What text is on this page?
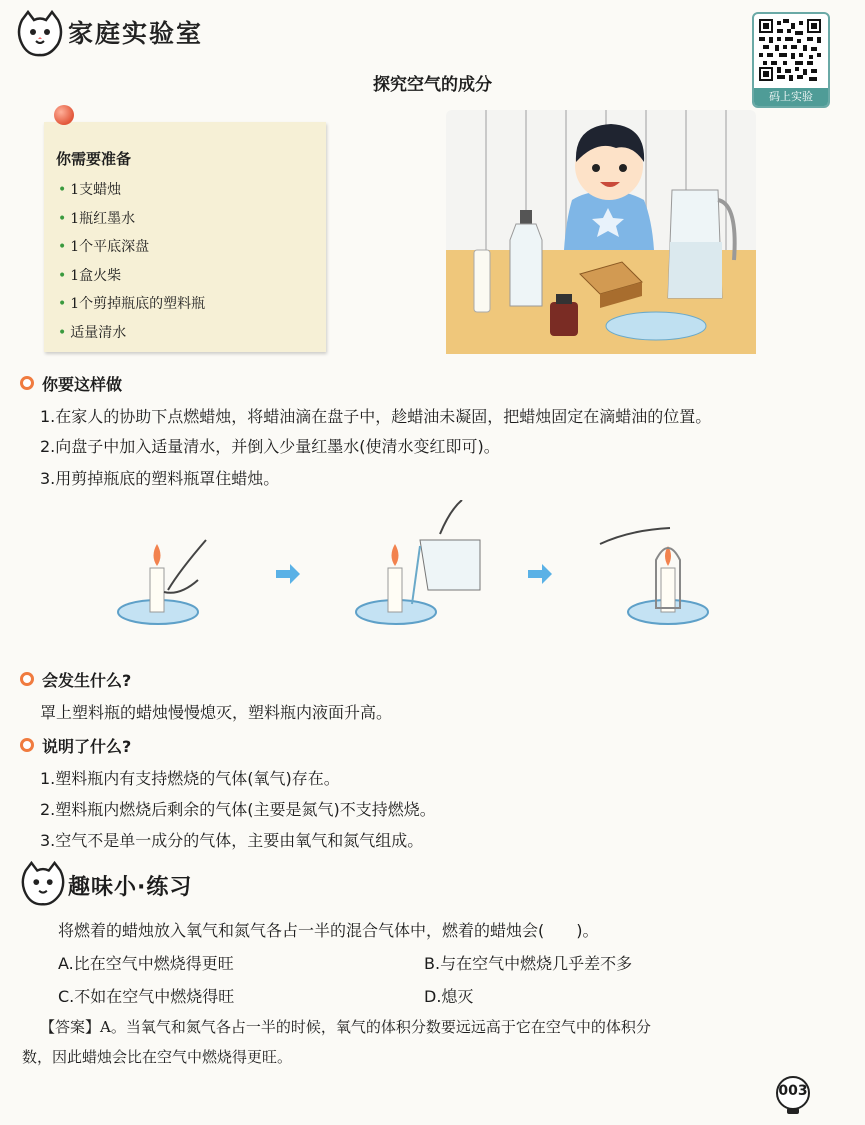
家庭实验室
码上实验
探究空气的成分
你需要准备
• 1支蜡烛
• 1瓶红墨水
• 1个平底深盘
• 1盒火柴
• 1个剪掉瓶底的塑料瓶
• 适量清水
你要这样做
1.在家人的协助下点燃蜡烛，将蜡油滴在盘子中，趁蜡油未凝固，把蜡烛固定在滴蜡油的位置。
2.向盘子中加入适量清水，并倒入少量红墨水(使清水变红即可)。
3.用剪掉瓶底的塑料瓶罩住蜡烛。
会发生什么?
罩上塑料瓶的蜡烛慢慢熄灭，塑料瓶内液面升高。
说明了什么?
1.塑料瓶内有支持燃烧的气体(氧气)存在。
2.塑料瓶内燃烧后剩余的气体(主要是氮气)不支持燃烧。
3.空气不是单一成分的气体，主要由氧气和氮气组成。
趣味小·练习
将燃着的蜡烛放入氧气和氮气各占一半的混合气体中，燃着的蜡烛会(　　)。
A.比在空气中燃烧得更旺	B.与在空气中燃烧几乎差不多
C.不如在空气中燃烧得旺	D.熄灭
【答案】A。当氧气和氮气各占一半的时候，氧气的体积分数要远远高于它在空气中的体积分
数，因此蜡烛会比在空气中燃烧得更旺。
003
